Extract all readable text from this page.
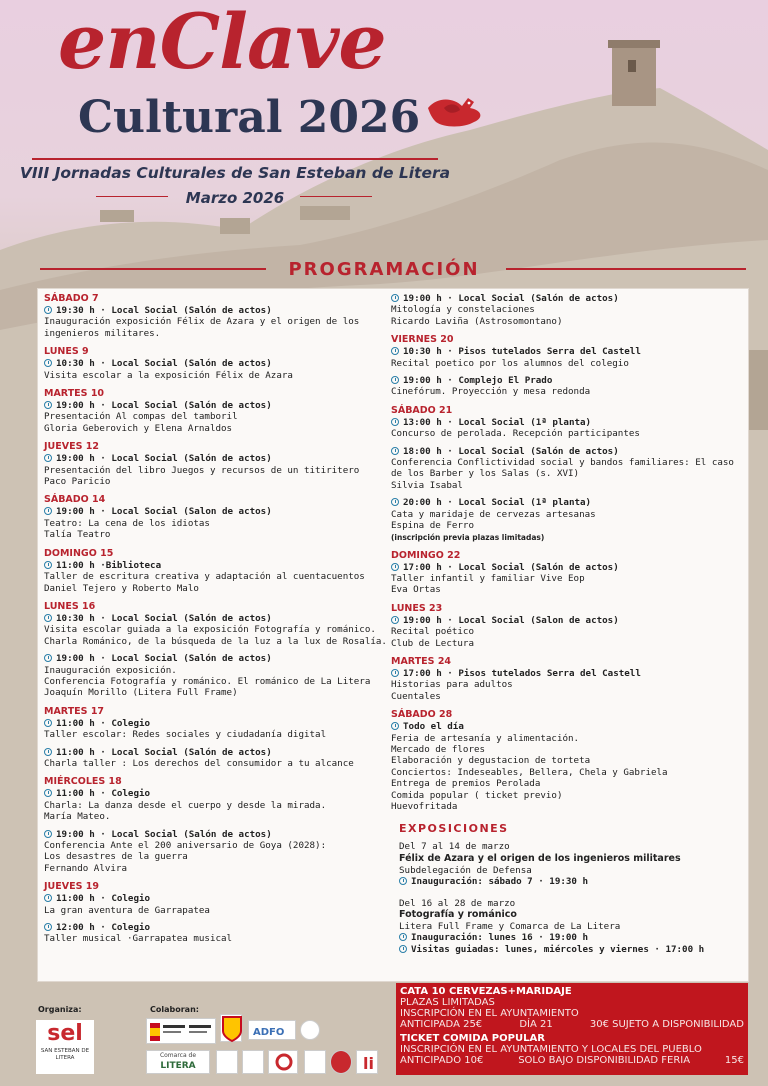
enClave
Cultural 2026
VIII Jornadas Culturales de San Esteban de Litera
Marzo 2026
PROGRAMACIÓN
SÁBADO 7
19:30 h · Local Social (Salón de actos)
Inauguración exposición Félix de Azara y el origen de los ingenieros militares.
LUNES 9
10:30 h · Local Social (Salón de actos)
Visita escolar a la exposición Félix de Azara
MARTES 10
19:00 h · Local Social (Salón de actos)
Presentación Al compas del tamboril
Gloria Geberovich y Elena Arnaldos
JUEVES 12
19:00 h · Local Social (Salón de actos)
Presentación del libro Juegos y recursos de un titiritero
Paco Paricio
SÁBADO 14
19:00 h · Local Social (Salon de actos)
Teatro: La cena de los idiotas
Talía Teatro
DOMINGO 15
11:00 h ·Biblioteca
Taller de escritura creativa y adaptación al cuentacuentos
Daniel Tejero y Roberto Malo
LUNES 16
10:30 h · Local Social (Salón de actos)
Visita escolar guiada a la exposición Fotografía y románico.
Charla Románico, de la búsqueda de la luz a la lux de Rosalía.
19:00 h · Local Social (Salón de actos)
Inauguración exposición.
Conferencia Fotografía y románico. El románico de La Litera
Joaquín Morillo (Litera Full Frame)
MARTES 17
11:00 h · Colegio
Taller escolar: Redes sociales y ciudadanía digital
11:00 h · Local Social (Salón de actos)
Charla taller : Los derechos del consumidor a tu alcance
MIÉRCOLES 18
11:00 h · Colegio
Charla: La danza desde el cuerpo y desde la mirada.
María Mateo.
19:00 h · Local Social (Salón de actos)
Conferencia Ante el 200 aniversario de Goya (2028):
Los desastres de la guerra
Fernando Alvira
JUEVES 19
11:00 h · Colegio
La gran aventura de Garrapatea
12:00 h · Colegio
Taller musical ·Garrapatea musical
19:00 h · Local Social (Salón de actos)
Mitología y constelaciones
Ricardo Laviña (Astrosomontano)
VIERNES 20
10:30 h · Pisos tutelados Serra del Castell
Recital poetico por los alumnos del colegio
19:00 h · Complejo El Prado
Cinefórum. Proyección y mesa redonda
SÁBADO 21
13:00 h · Local Social (1ª planta)
Concurso de perolada. Recepción participantes
18:00 h · Local Social (Salón de actos)
Conferencia Conflictividad social y bandos familiares: El caso de los Barber y los Salas (s. XVI)
Silvia Isabal
20:00 h · Local Social (1ª planta)
Cata y maridaje de cervezas artesanas
Espina de Ferro
(inscripción previa plazas limitadas)
DOMINGO 22
17:00 h · Local Social (Salón de actos)
Taller infantil y familiar Vive Eop
Eva Ortas
LUNES 23
19:00 h · Local Social (Salon de actos)
Recital poético
Club de Lectura
MARTES 24
17:00 h · Pisos tutelados Serra del Castell
Historias para adultos
Cuentales
SÁBADO 28
Todo el día
Feria de artesanía y alimentación.
Mercado de flores
Elaboración y degustacion de torteta
Conciertos: Indeseables, Bellera, Chela y Gabriela
Entrega de premios Perolada
Comida popular ( ticket previo)
Huevofritada
EXPOSICIONES
Del 7 al 14 de marzo
Félix de Azara y el origen de los ingenieros militares
Subdelegación de Defensa
Inauguración: sábado 7 · 19:30 h
Del 16 al 28 de marzo
Fotografía y románico
Litera Full Frame y Comarca de La Litera
Inauguración: lunes 16 · 19:00 h
Visitas guiadas: lunes, miércoles y viernes · 17:00 h
Organiza:	Colaboran:
sel
SAN ESTEBAN DE LITERA
ADFO
Comarca de
LITERA	li
CATA 10 CERVEZAS+MARIDAJE
PLAZAS LIMITADAS
INSCRIPCIÓN EN EL AYUNTAMIENTO
ANTICIPADA 25€	DÍA 21	30€ SUJETO A DISPONIBILIDAD
TICKET COMIDA POPULAR
INSCRIPCIÓN EN EL AYUNTAMIENTO Y LOCALES DEL PUEBLO
ANTICIPADO 10€	SOLO BAJO DISPONIBILIDAD FERIA	15€
